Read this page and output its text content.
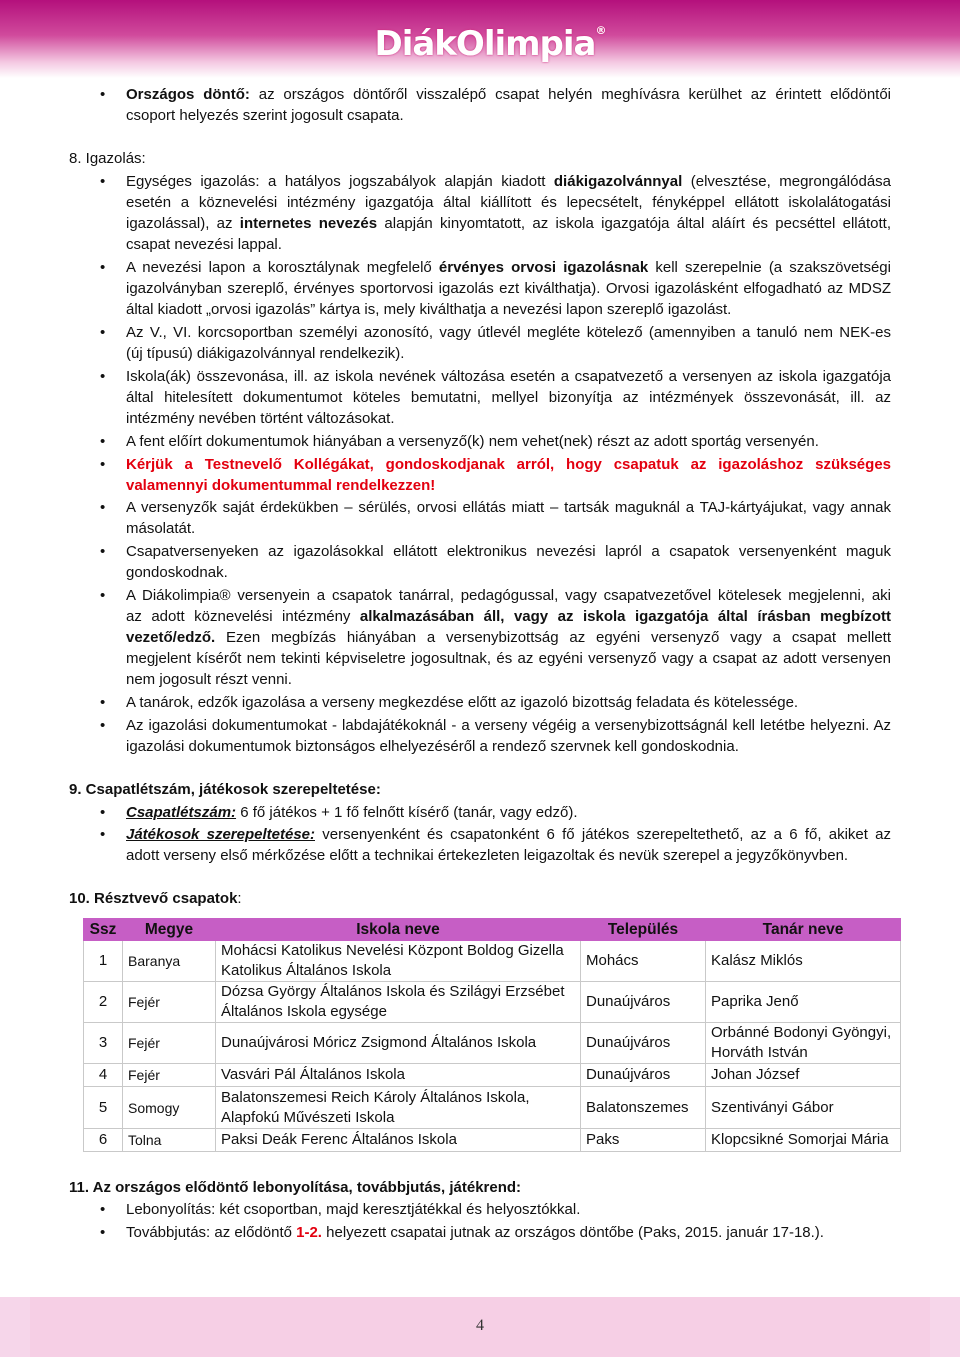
DiákOlimpia®
• Országos döntő: az országos döntőről visszalépő csapat helyén meghívásra kerülhet az érintett elődöntői
csoport helyezés szerint jogosult csapata.
8. Igazolás:
• Egységes igazolás: a hatályos jogszabályok alapján kiadott diákigazolvánnyal (elvesztése, megrongálódása
esetén a köznevelési intézmény igazgatója által kiállított és lepecsételt, fényképpel ellátott iskolalátogatási
igazolással), az internetes nevezés alapján kinyomtatott, az iskola igazgatója által aláírt és pecséttel ellátott,
csapat nevezési lappal.
• A nevezési lapon a korosztálynak megfelelő érvényes orvosi igazolásnak kell szerepelnie (a szakszövetségi
igazolványban szereplő, érvényes sportorvosi igazolás ezt kiválthatja). Orvosi igazolásként elfogadható az MDSZ
által kiadott „orvosi igazolás” kártya is, mely kiválthatja a nevezési lapon szereplő igazolást.
• Az V., VI. korcsoportban személyi azonosító, vagy útlevél megléte kötelező (amennyiben a tanuló nem NEK-es
(új típusú) diákigazolvánnyal rendelkezik).
• Iskola(ák) összevonása, ill. az iskola nevének változása esetén a csapatvezető a versenyen az iskola igazgatója
által hitelesített dokumentumot köteles bemutatni, mellyel bizonyítja az intézmények összevonását, ill. az
intézmény nevében történt változásokat.
• A fent előírt dokumentumok hiányában a versenyző(k) nem vehet(nek) részt az adott sportág versenyén.
• Kérjük a Testnevelő Kollégákat, gondoskodjanak arról, hogy csapatuk az igazoláshoz szükséges
valamennyi dokumentummal rendelkezzen!
• A versenyzők saját érdekükben – sérülés, orvosi ellátás miatt – tartsák maguknál a TAJ-kártyájukat, vagy annak
másolatát.
• Csapatversenyeken az igazolásokkal ellátott elektronikus nevezési lapról a csapatok versenyenként maguk
gondoskodnak.
• A Diákolimpia® versenyein a csapatok tanárral, pedagógussal, vagy csapatvezetővel kötelesek megjelenni, aki
az adott köznevelési intézmény alkalmazásában áll, vagy az iskola igazgatója által írásban megbízott
vezető/edző. Ezen megbízás hiányában a versenybizottság az egyéni versenyző vagy a csapat mellett
megjelent kísérőt nem tekinti képviseletre jogosultnak, és az egyéni versenyző vagy a csapat az adott versenyen
nem jogosult részt venni.
• A tanárok, edzők igazolása a verseny megkezdése előtt az igazoló bizottság feladata és kötelessége.
• Az igazolási dokumentumokat - labdajátékoknál - a verseny végéig a versenybizottságnál kell letétbe helyezni. Az
igazolási dokumentumok biztonságos elhelyezéséről a rendező szervnek kell gondoskodnia.
9. Csapatlétszám, játékosok szerepeltetése:
• Csapatlétszám: 6 fő játékos + 1 fő felnőtt kísérő (tanár, vagy edző).
• Játékosok szerepeltetése: versenyenként és csapatonként 6 fő játékos szerepeltethető, az a 6 fő, akiket az
adott verseny első mérkőzése előtt a technikai értekezleten leigazoltak és nevük szerepel a jegyzőkönyvben.
10. Résztvevő csapatok:
Ssz	Megye	Iskola neve	Település	Tanár neve
1	Baranya	Mohácsi Katolikus Nevelési Központ Boldog Gizella
Katolikus Általános Iskola	Mohács	Kalász Miklós

2	Fejér	Dózsa György Általános Iskola és Szilágyi Erzsébet
Általános Iskola egysége	Dunaújváros	Paprika Jenő

3	Fejér	Dunaújvárosi Móricz Zsigmond Általános Iskola	Dunaújváros	Orbánné Bodonyi Gyöngyi,
Horváth István

4	Fejér	Vasvári Pál Általános Iskola	Dunaújváros	Johan József

5	Somogy	Balatonszemesi Reich Károly Általános Iskola,
Alapfokú Művészeti Iskola	Balatonszemes	Szentiványi Gábor

6	Tolna	Paksi Deák Ferenc Általános Iskola	Paks	Klopcsikné Somorjai Mária
11. Az országos elődöntő lebonyolítása, továbbjutás, játékrend:
• Lebonyolítás: két csoportban, majd keresztjátékkal és helyosztókkal.
• Továbbjutás: az elődöntő 1-2. helyezett csapatai jutnak az országos döntőbe (Paks, 2015. január 17-18.).
4
